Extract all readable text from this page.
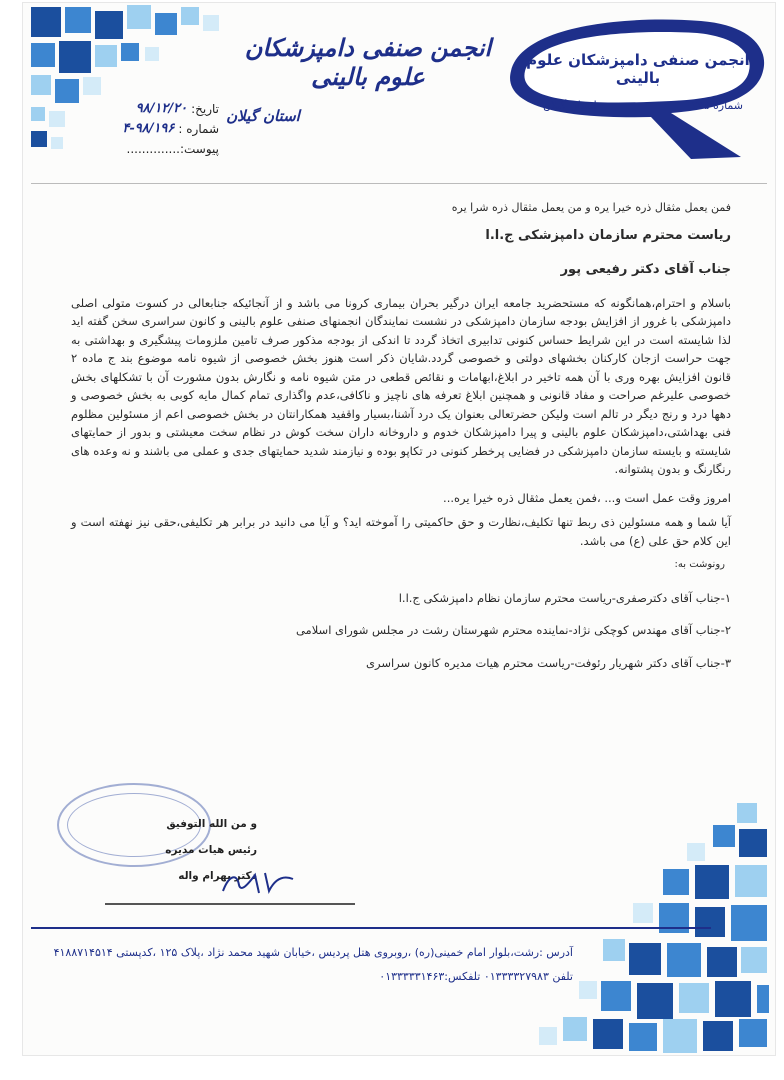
انجمن صنفی دامپزشکان علوم بالینی
شماره ۲۴۵
استان گیلان
انجمن صنفی دامپزشکان علوم بالینی
استان گیلان
تاریخ:
۹۸/۱۲/۲۰
شماره :
۴-۹۸/۱۹۶
پیوست:..............
فمن یعمل مثقال ذره خیرا یره و من یعمل مثقال ذره شرا یره
ریاست محترم سازمان دامپزشکی ج.ا.ا
جناب آقای دکتر رفیعی پور

باسلام و احترام،همانگونه که مستحضرید جامعه ایران درگیر بحران بیماری کرونا می باشد و از آنجائیکه جنابعالی در کسوت متولی اصلی دامپزشکی با غرور از افزایش بودجه سازمان دامپزشکی در نشست نمایندگان انجمنهای صنفی علوم بالینی و کانون سراسری سخن گفته اید لذا شایسته است در این شرایط حساس کنونی تدابیری اتخاذ گردد تا اندکی از بودجه مذکور صرف تامین ملزومات پیشگیری و بهداشتی به جهت حراست ازجان کارکنان بخشهای دولتی و خصوصی گردد.شایان ذکر است هنوز بخش خصوصی از شیوه نامه موضوع بند ج ماده ۲ قانون افزایش بهره وری با آن همه تاخیر در ابلاغ،ابهامات و نقائص قطعی در متن شیوه نامه و نگارش بدون مشورت آن با تشکلهای بخش خصوصی علیرغم صراحت و مفاد قانونی و همچنین ابلاغ تعرفه های ناچیز و ناکافی،عدم واگذاری تمام کمال مایه کوبی به بخش خصوصی و دهها درد و رنج دیگر در تالم است ولیکن حضرتعالی بعنوان یک درد آشنا،بسیار واقفید همکارانتان در بخش خصوصی اعم از مسئولین مظلوم فنی بهداشتی،دامپزشکان علوم بالینی و پیرا دامپزشکان خدوم و داروخانه داران سخت کوش در نظام سخت معیشتی و بدور از حمایتهای شایسته و بایسته سازمان دامپزشکی در فضایی پرخطر کنونی در تکاپو بوده و نیازمند شدید حمایتهای جدی و عملی می باشند و نه وعده های رنگارنگ و بدون پشتوانه.

امروز وقت عمل است و... ،فمن یعمل مثقال ذره خیرا یره...

آیا شما و همه مسئولین ذی ربط تنها تکلیف،نظارت و حق حاکمیتی را آموخته اید؟ و آیا می دانید در برابر هر تکلیفی،حقی نیز نهفته است و این کلام حق علی (ع) می باشد.

رونوشت به:
۱-جناب آقای دکترصفری-ریاست محترم سازمان نظام دامپزشکی ج.ا.ا
۲-جناب آقای مهندس کوچکی نژاد-نماینده محترم شهرستان رشت در مجلس شورای اسلامی
۳-جناب آقای دکتر شهریار رئوفت-ریاست محترم هیات مدیره کانون سراسری
و من الله التوفیق
رئیس هیات مدیره
دکتر بهرام واله
آدرس :رشت،بلوار امام خمینی(ره) ،روبروی هتل پردیس ،خیابان شهید محمد نژاد ،پلاک ۱۲۵ ،کدپستی ۴۱۸۸۷۱۴۵۱۴
تلفن ۰۱۳۳۳۳۲۷۹۸۳ تلفکس:۰۱۳۳۳۳۳۱۴۶۳
